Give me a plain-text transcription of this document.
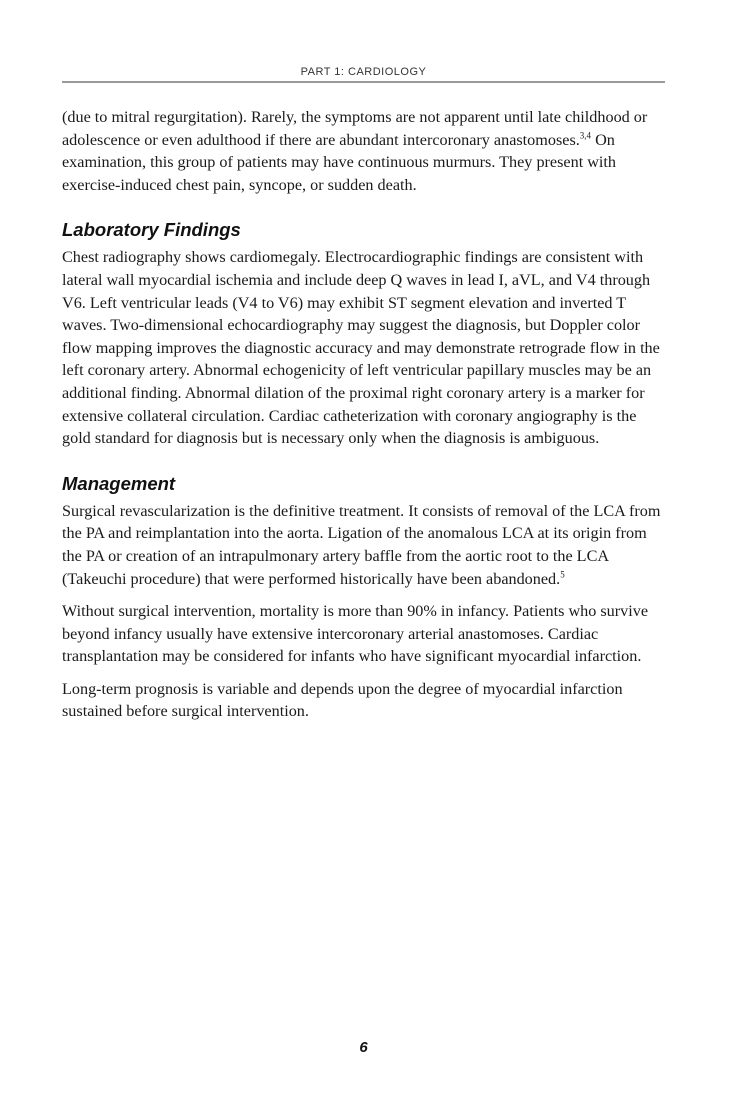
PART 1: CARDIOLOGY

(due to mitral regurgitation). Rarely, the symptoms are not apparent until late childhood or adolescence or even adulthood if there are abundant intercoronary anastomoses.$^{3,4}$ On examination, this group of patients may have continuous murmurs. They present with exercise-induced chest pain, syncope, or sudden death.

Laboratory Findings

Chest radiography shows cardiomegaly. Electrocardiographic findings are consistent with lateral wall myocardial ischemia and include deep Q waves in lead I, aVL, and V4 through V6. Left ventricular leads (V4 to V6) may exhibit ST segment elevation and inverted T waves. Two-dimensional echocardiography may suggest the diagnosis, but Doppler color flow mapping improves the diagnostic accuracy and may demonstrate retrograde flow in the left coronary artery. Abnormal echogenicity of left ventricular papillary muscles may be an additional finding. Abnormal dilation of the proximal right coronary artery is a marker for extensive collateral circulation. Cardiac catheterization with coronary angiography is the gold standard for diagnosis but is necessary only when the diagnosis is ambiguous.

Management

Surgical revascularization is the definitive treatment. It consists of removal of the LCA from the PA and reimplantation into the aorta. Ligation of the anomalous LCA at its origin from the PA or creation of an intrapulmonary artery baffle from the aortic root to the LCA (Takeuchi procedure) that were performed historically have been abandoned.$^5$

Without surgical intervention, mortality is more than 90% in infancy. Patients who survive beyond infancy usually have extensive intercoronary arterial anastomoses. Cardiac transplantation may be considered for infants who have significant myocardial infarction.

Long-term prognosis is variable and depends upon the degree of myocardial infarction sustained before surgical intervention.

6
